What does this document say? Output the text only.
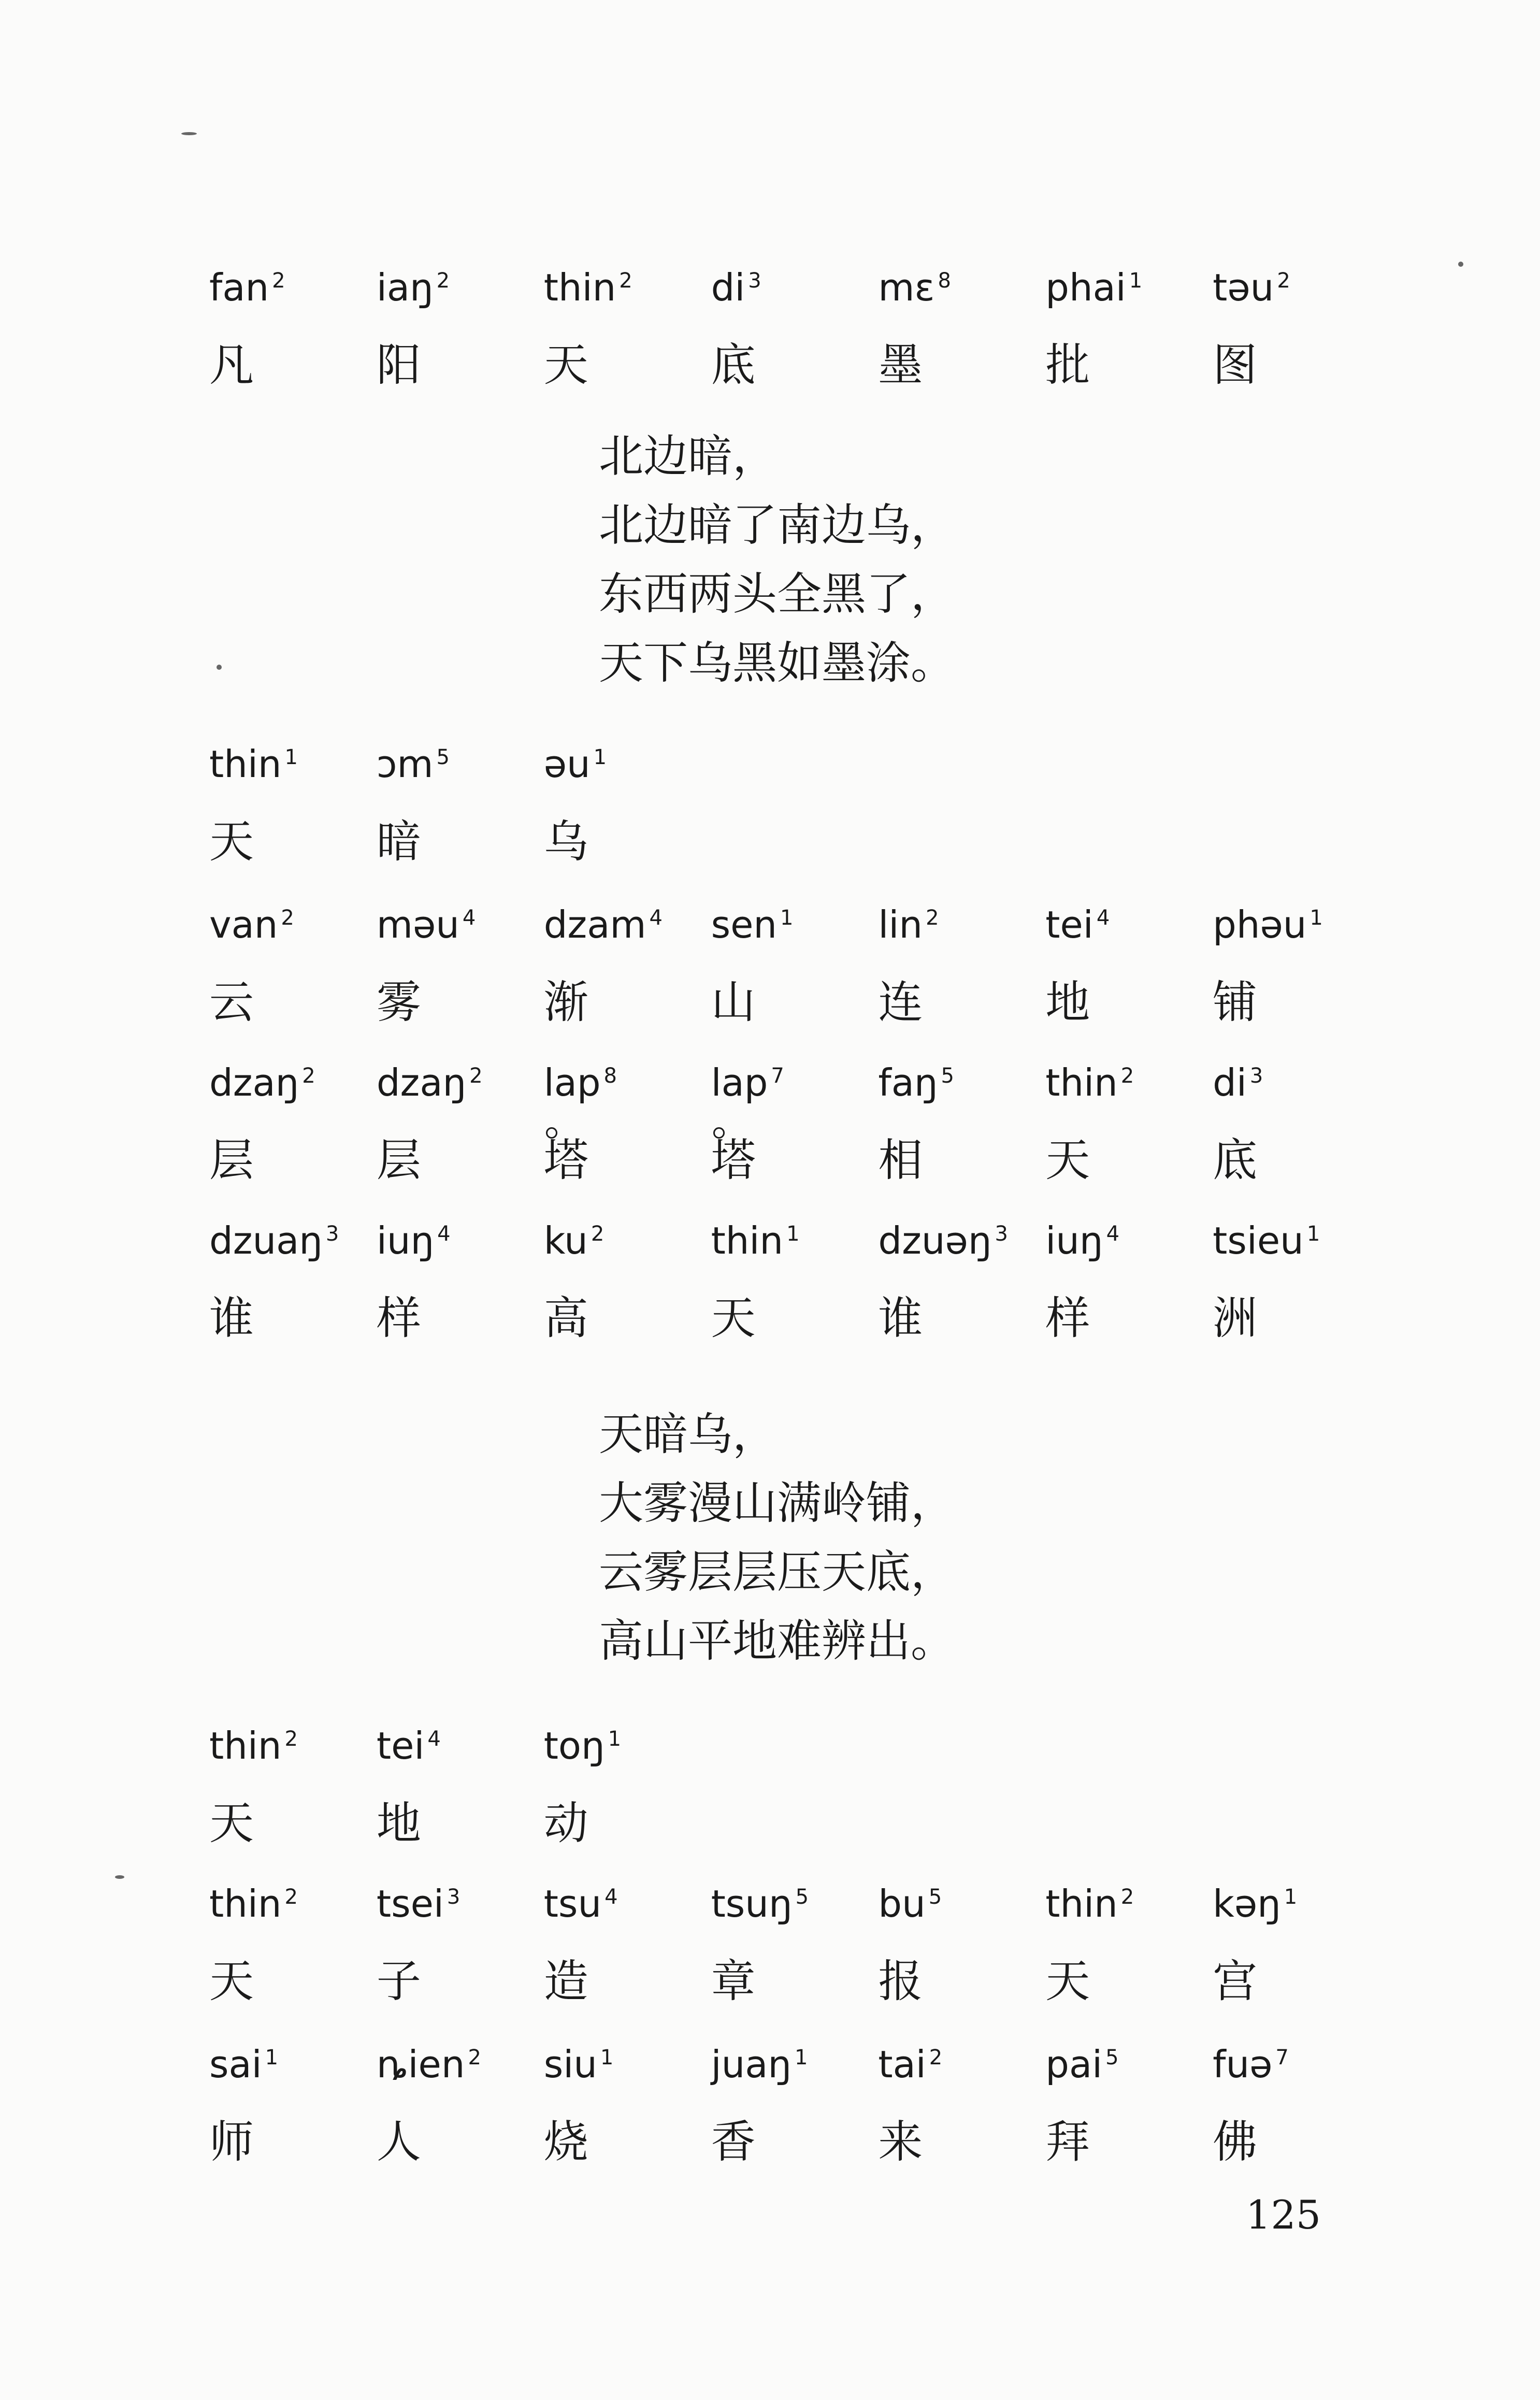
fan $^2$	iaŋ $^2$	thin $^2$	di $^3$	mɛ $^8$	phai $^1$	təu $^2$
凡	阳	天	底	墨	批	图
thin $^1$	ɔm $^5$	əu $^1$
天	暗	乌
van $^2$	məu $^4$	dzam $^4$	sen $^1$	lin $^2$	tei $^4$	phəu $^1$
云	雾	渐	山	连	地	铺
dzaŋ $^2$	dzaŋ $^2$	lap $^8$	lap $^7$	faŋ $^5$	thin $^2$	di $^3$
层	层	塔	塔	相	天	底
dzuaŋ $^3$	iuŋ $^4$	ku $^2$	thin $^1$	dzuəŋ $^3$	iuŋ $^4$	tsieu $^1$
谁	样	高	天	谁	样	洲
thin $^2$	tei $^4$	toŋ $^1$
天	地	动
thin $^2$	tsei $^3$	tsu $^4$	tsuŋ $^5$	bu $^5$	thin $^2$	kəŋ $^1$
天	子	造	章	报	天	宫
sai $^1$	ȵien $^2$	siu $^1$	juaŋ $^1$	tai $^2$	pai $^5$	fuə $^7$
师	人	烧	香	来	拜	佛
北边暗，
北边暗了南边乌，
东西两头全黑了，
天下乌黑如墨涂。
天暗乌，
大雾漫山满岭铺，
云雾层层压天底，
高山平地难辨出。
125
